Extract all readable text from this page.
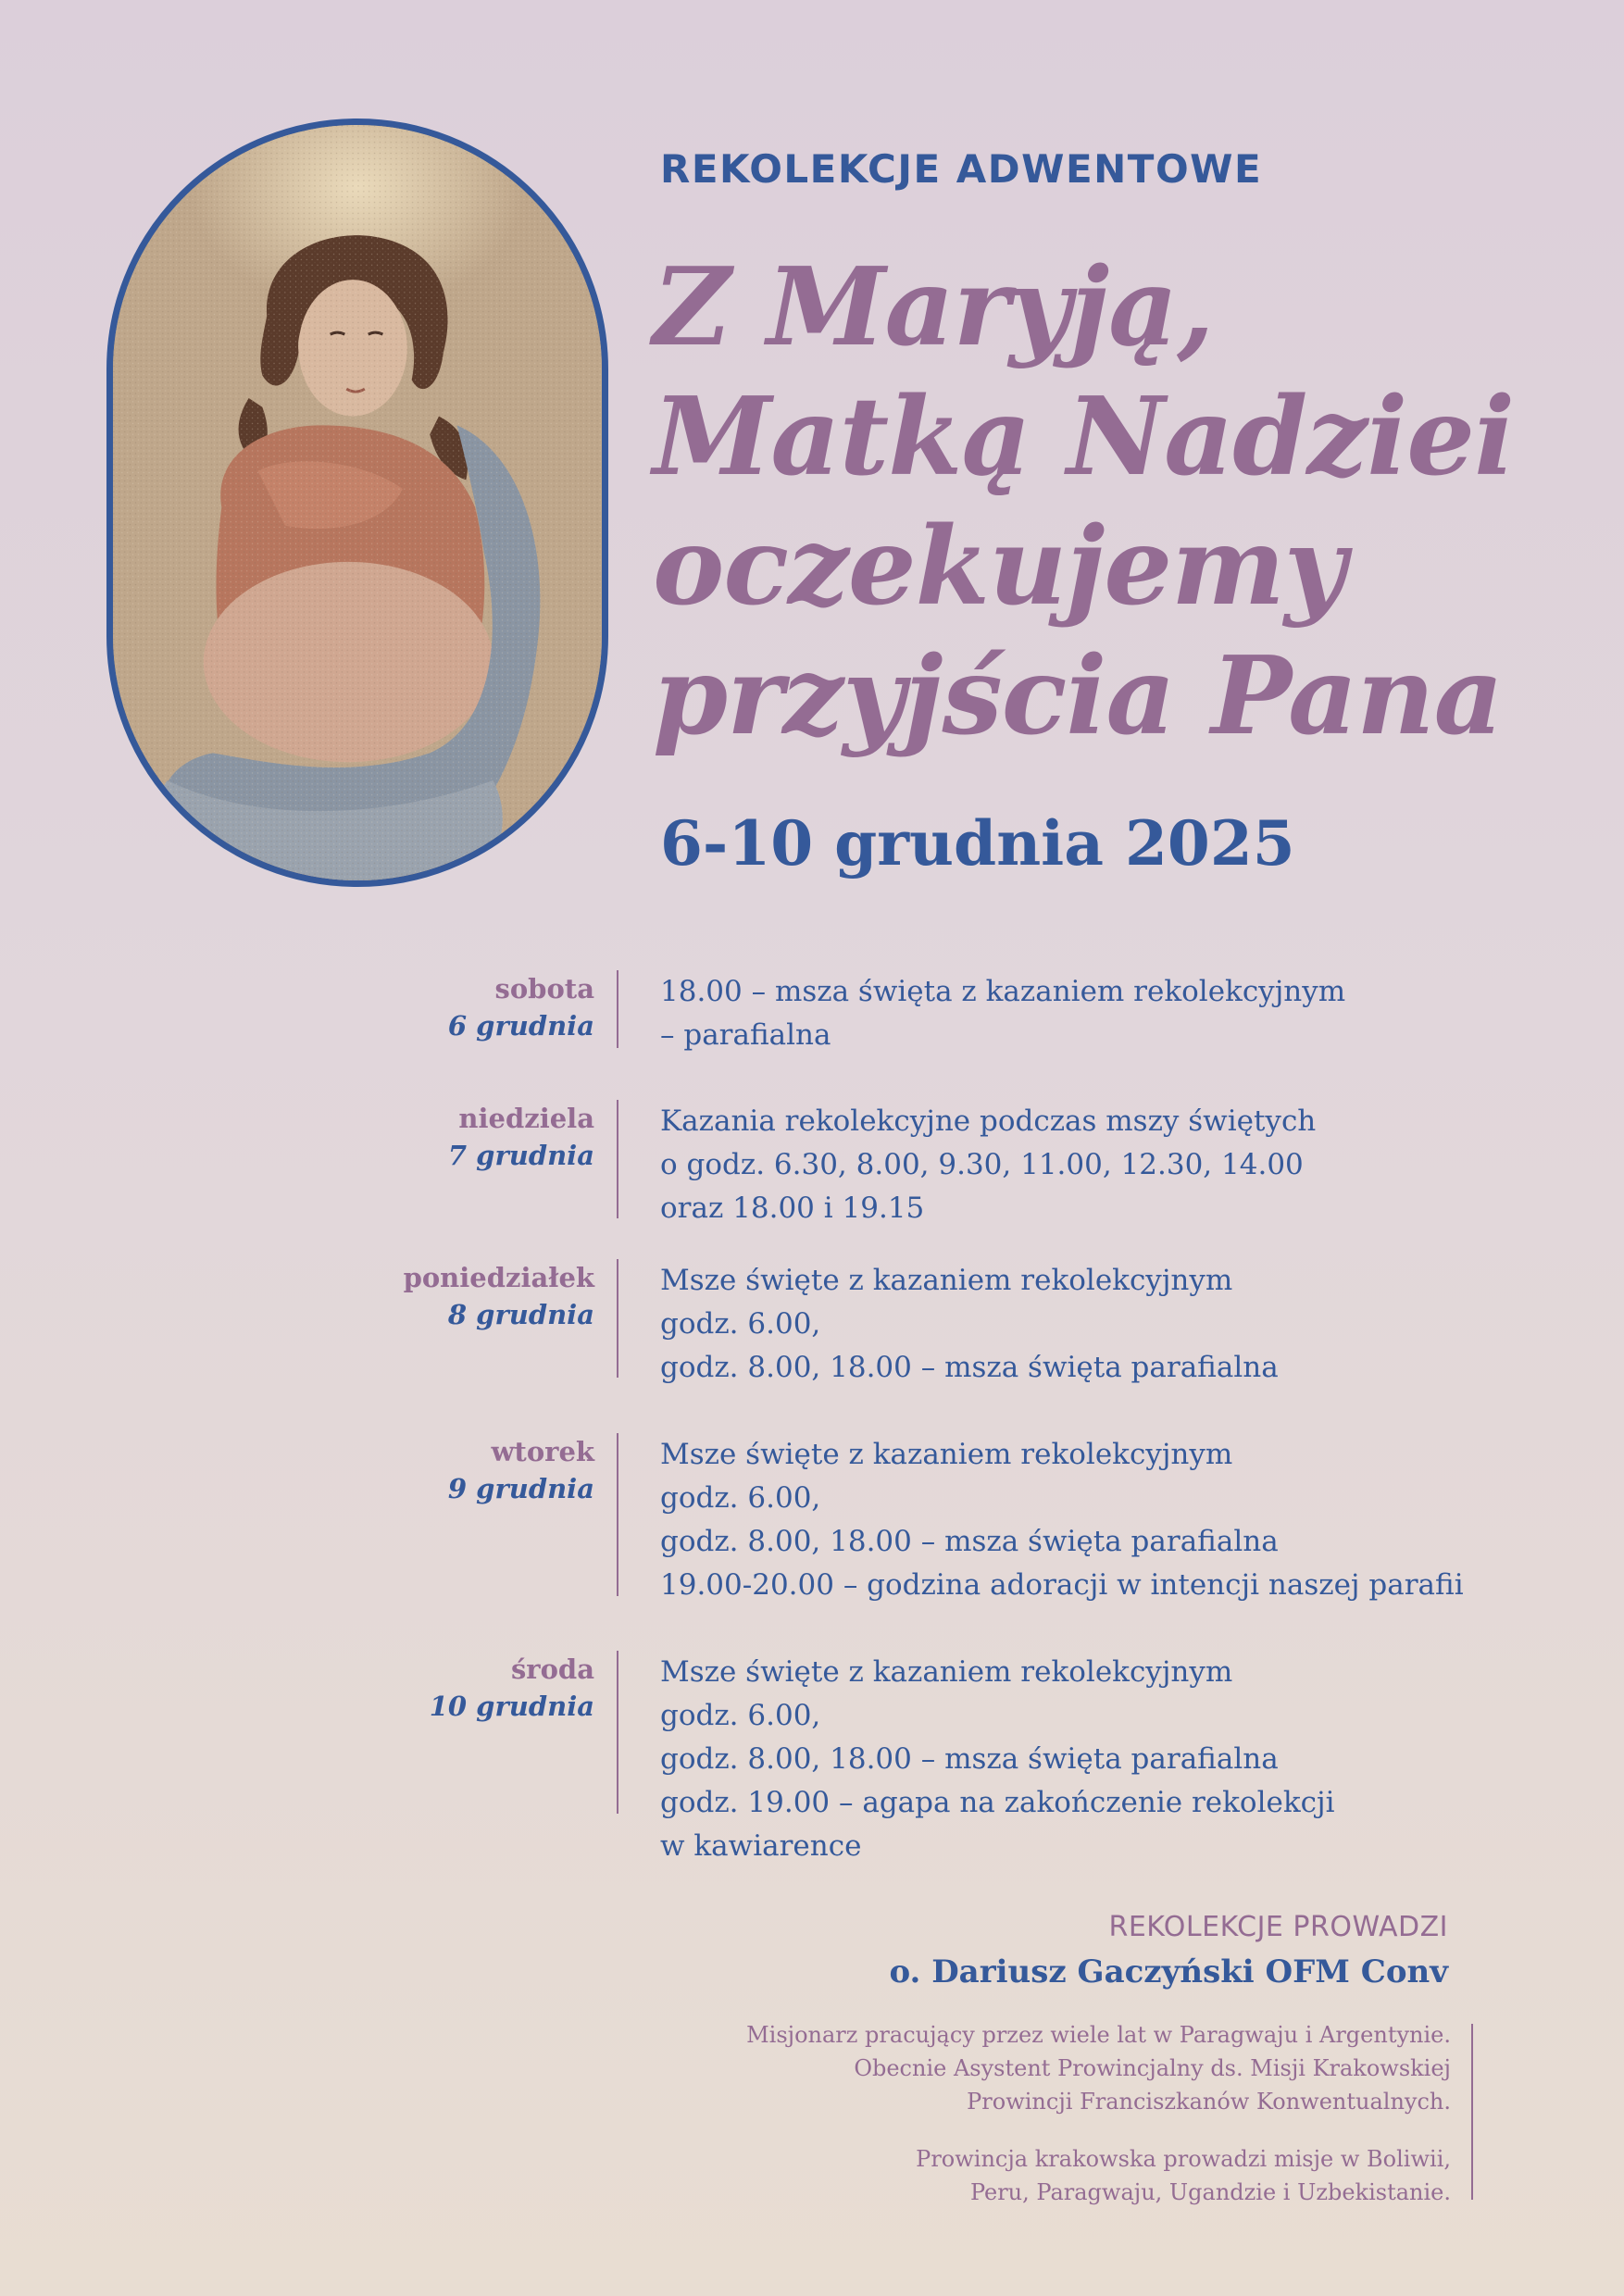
REKOLEKCJE ADWENTOWE
Z Maryją,
Matką Nadziei
oczekujemy
przyjścia Pana
6-10 grudnia 2025
sobota
6 grudnia
18.00 – msza święta z kazaniem rekolekcyjnym
– parafialna
niedziela
7 grudnia
Kazania rekolekcyjne podczas mszy świętych
o godz. 6.30, 8.00, 9.30, 11.00, 12.30, 14.00
oraz 18.00 i 19.15
poniedziałek
8 grudnia
Msze święte z kazaniem rekolekcyjnym
godz. 6.00,
godz. 8.00, 18.00 – msza święta parafialna
wtorek
9 grudnia
Msze święte z kazaniem rekolekcyjnym
godz. 6.00,
godz. 8.00, 18.00 – msza święta parafialna
19.00-20.00 – godzina adoracji w intencji naszej parafii
środa
10 grudnia
Msze święte z kazaniem rekolekcyjnym
godz. 6.00,
godz. 8.00, 18.00 – msza święta parafialna
godz. 19.00 – agapa na zakończenie rekolekcji
w kawiarence
REKOLEKCJE PROWADZI
o. Dariusz Gaczyński OFM Conv
Misjonarz pracujący przez wiele lat w Paragwaju i Argentynie.
Obecnie Asystent Prowincjalny ds. Misji Krakowskiej
Prowincji Franciszkanów Konwentualnych.
Prowincja krakowska prowadzi misje w Boliwii,
Peru, Paragwaju, Ugandzie i Uzbekistanie.
